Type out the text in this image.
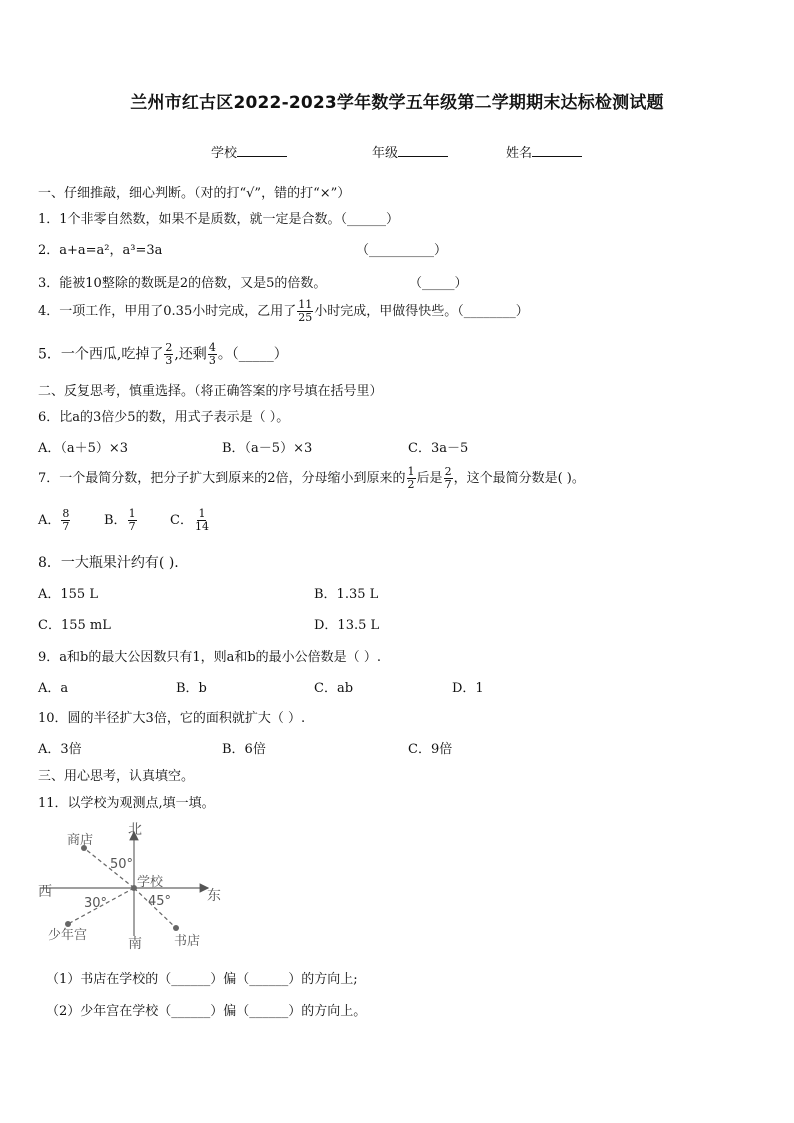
兰州市红古区2022-2023学年数学五年级第二学期期末达标检测试题
学校	年级	姓名
一、仔细推敲，细心判断。（对的打“√”，错的打“×”）
1．1个非零自然数，如果不是质数，就一定是合数。（______）
2．a+a=a²，a³=3a	（__________）
3．能被10整除的数既是2的倍数，又是5的倍数。	（_____）
4．一项工作，甲用了0.35小时完成，乙用了 $\frac{11}{25}$ 小时完成，甲做得快些。（________）
5．一个西瓜,吃掉了 $\frac{2}{3}$ ,还剩 $\frac{4}{3}$ 。（_____）
二、反复思考，慎重选择。（将正确答案的序号填在括号里）
6．比a的3倍少5的数，用式子表示是（ ）。
A．（a＋5）×3	B．（a－5）×3	C．3a－5
7．一个最简分数，把分子扩大到原来的2倍，分母缩小到原来的 $\frac{1}{2}$ 后是 $\frac{2}{7}$ ，这个最简分数是( )。
A． $\frac{8}{7}$	B． $\frac{1}{7}$	C． $\frac{1}{14}$
8．一大瓶果汁约有( ).
A．155 L	B．1.35 L
C．155 mL	D．13.5 L
9．a和b的最大公因数只有1，则a和b的最小公倍数是（ ）.
A．a	B．b	C．ab	D．1
10．圆的半径扩大3倍，它的面积就扩大（ ）.
A．3倍	B．6倍	C．9倍
三、用心思考，认真填空。
11．以学校为观测点,填一填。
北
南
东
西
学校
商店
书店
少年宫
50°
45°
30°
（1）书店在学校的（______）偏（______）的方向上;
（2）少年宫在学校（______）偏（______）的方向上。
